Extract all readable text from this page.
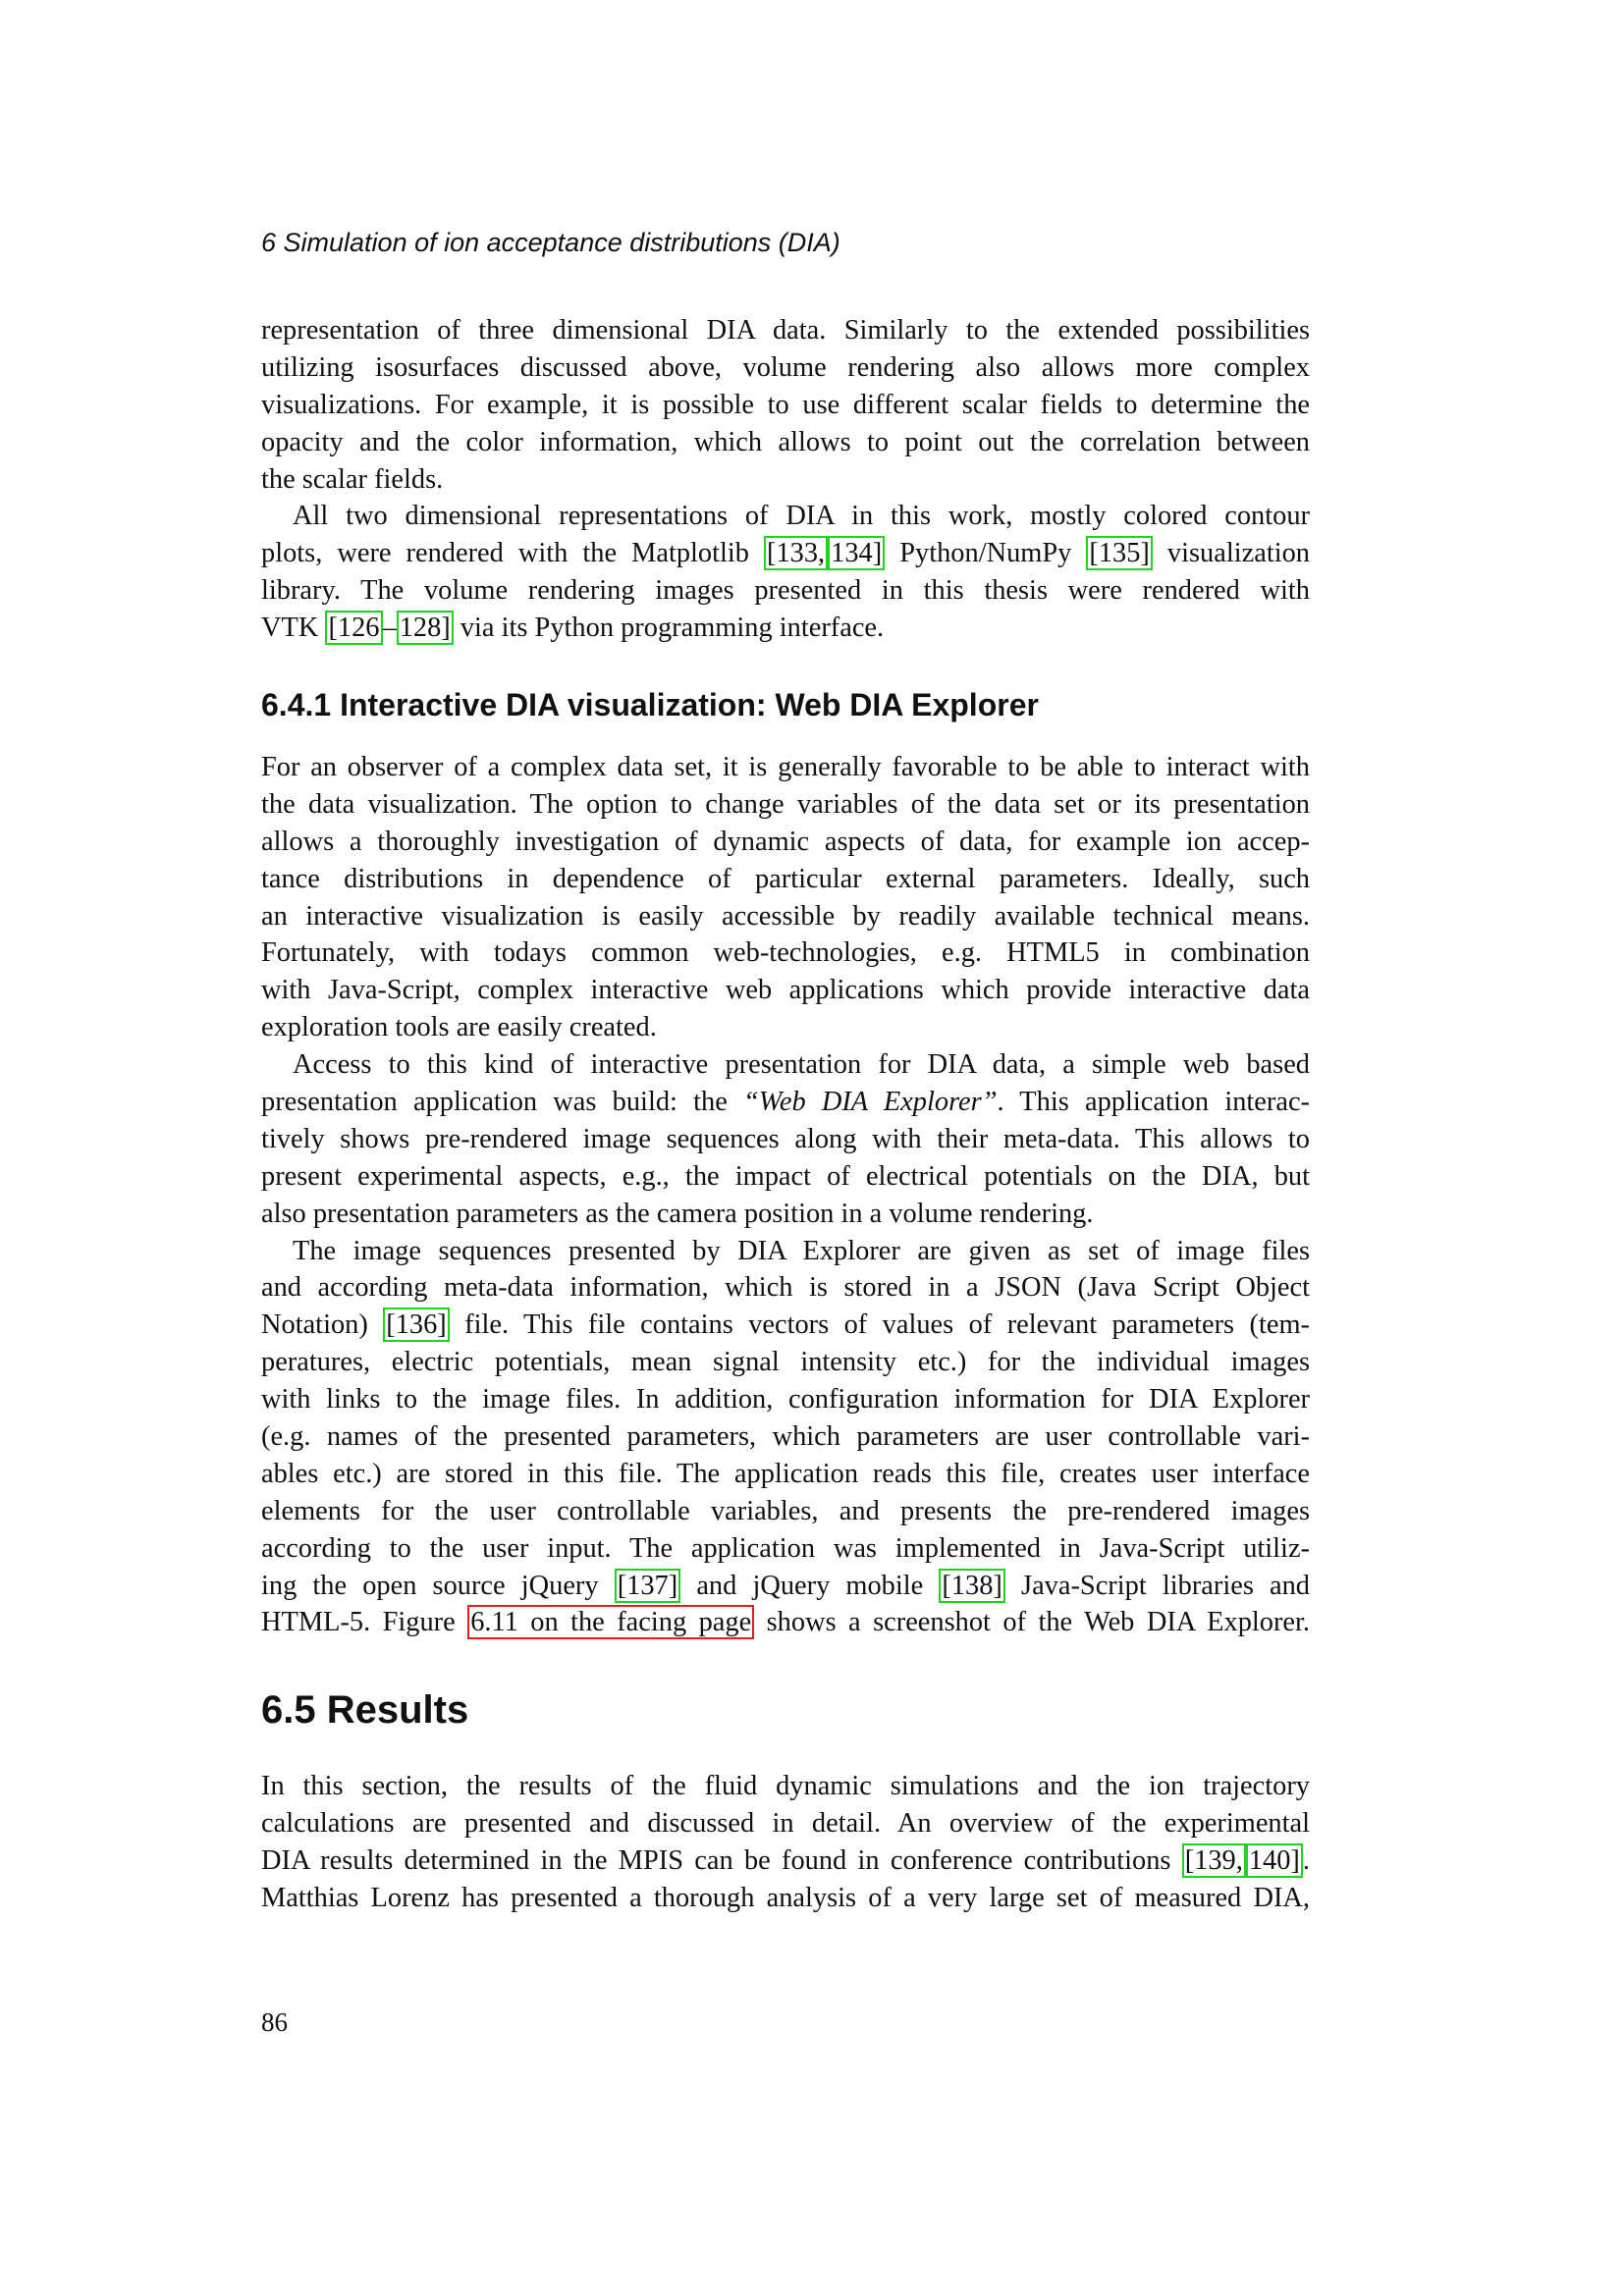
6 Simulation of ion acceptance distributions (DIA)
representation of three dimensional DIA data. Similarly to the extended possibilities
utilizing isosurfaces discussed above, volume rendering also allows more complex
visualizations. For example, it is possible to use different scalar fields to determine the
opacity and the color information, which allows to point out the correlation between
the scalar fields.
All two dimensional representations of DIA in this work, mostly colored contour
plots, were rendered with the Matplotlib [133, 134] Python/NumPy [135] visualization
library. The volume rendering images presented in this thesis were rendered with
VTK [126 – 128] via its Python programming interface.
6.4.1 Interactive DIA visualization: Web DIA Explorer
For an observer of a complex data set, it is generally favorable to be able to interact with
the data visualization. The option to change variables of the data set or its presentation
allows a thoroughly investigation of dynamic aspects of data, for example ion accep-
tance distributions in dependence of particular external parameters. Ideally, such
an interactive visualization is easily accessible by readily available technical means.
Fortunately, with todays common web-technologies, e.g. HTML5 in combination
with Java-Script, complex interactive web applications which provide interactive data
exploration tools are easily created.
Access to this kind of interactive presentation for DIA data, a simple web based
presentation application was build: the “Web DIA Explorer”. This application interac-
tively shows pre-rendered image sequences along with their meta-data. This allows to
present experimental aspects, e.g., the impact of electrical potentials on the DIA, but
also presentation parameters as the camera position in a volume rendering.
The image sequences presented by DIA Explorer are given as set of image files
and according meta-data information, which is stored in a JSON (Java Script Object
Notation) [136] file. This file contains vectors of values of relevant parameters (tem-
peratures, electric potentials, mean signal intensity etc.) for the individual images
with links to the image files. In addition, configuration information for DIA Explorer
(e.g. names of the presented parameters, which parameters are user controllable vari-
ables etc.) are stored in this file. The application reads this file, creates user interface
elements for the user controllable variables, and presents the pre-rendered images
according to the user input. The application was implemented in Java-Script utiliz-
ing the open source jQuery [137] and jQuery mobile [138] Java-Script libraries and
HTML-5. Figure 6.11 on the facing page shows a screenshot of the Web DIA Explorer.
6.5 Results
In this section, the results of the fluid dynamic simulations and the ion trajectory
calculations are presented and discussed in detail. An overview of the experimental
DIA results determined in the MPIS can be found in conference contributions [139, 140] .
Matthias Lorenz has presented a thorough analysis of a very large set of measured DIA,
86
